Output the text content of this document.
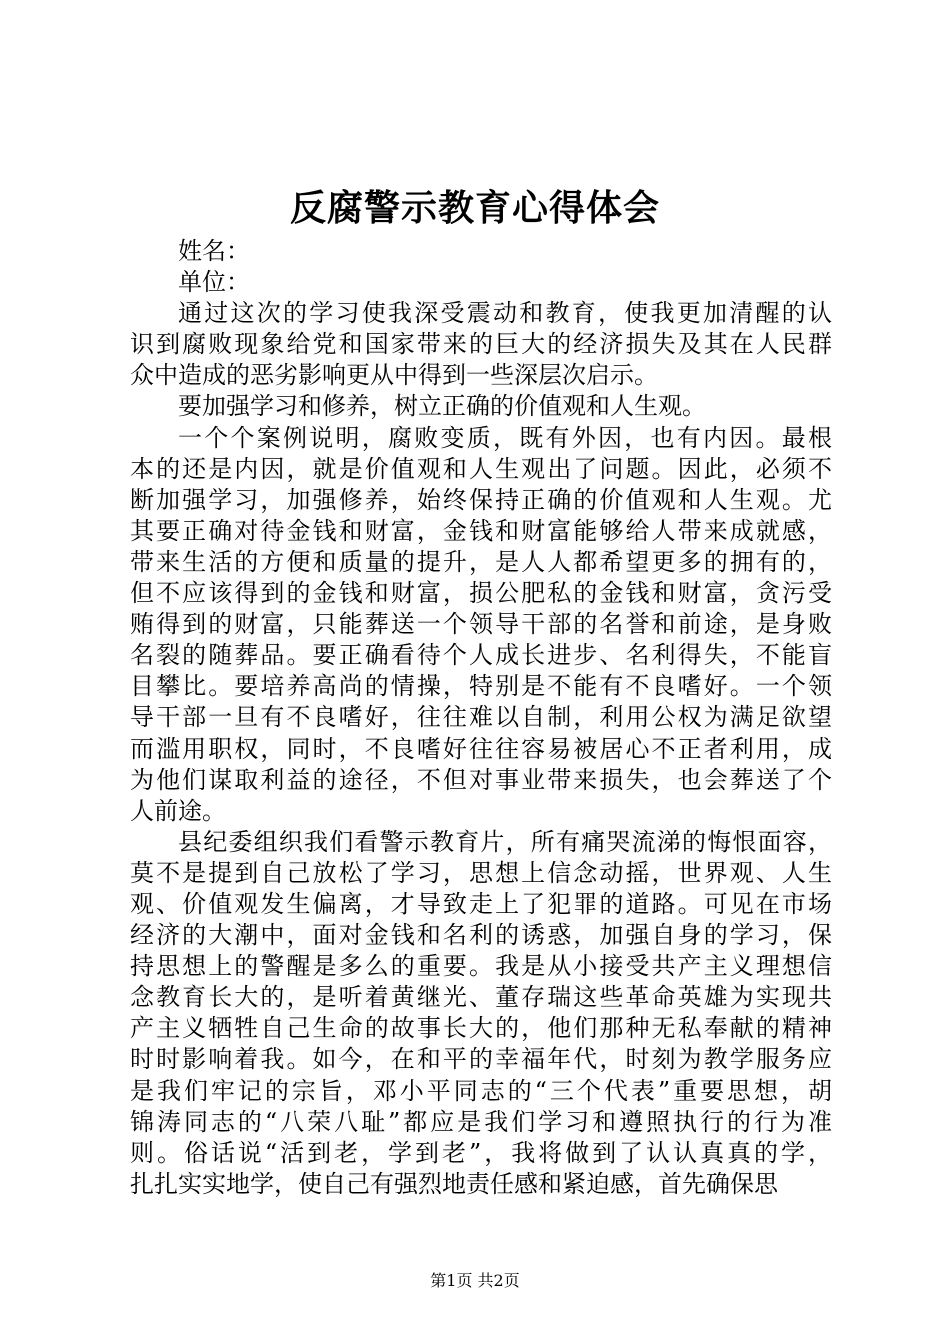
反腐警示教育心得体会
姓名：
单位：
通过这次的学习使我深受震动和教育，使我更加清醒的认
识到腐败现象给党和国家带来的巨大的经济损失及其在人民群
众中造成的恶劣影响更从中得到一些深层次启示。
要加强学习和修养，树立正确的价值观和人生观。
一个个案例说明，腐败变质，既有外因，也有内因。最根
本的还是内因，就是价值观和人生观出了问题。因此，必须不
断加强学习，加强修养，始终保持正确的价值观和人生观。尤
其要正确对待金钱和财富，金钱和财富能够给人带来成就感，
带来生活的方便和质量的提升，是人人都希望更多的拥有的，
但不应该得到的金钱和财富，损公肥私的金钱和财富，贪污受
贿得到的财富，只能葬送一个领导干部的名誉和前途，是身败
名裂的随葬品。要正确看待个人成长进步、名利得失，不能盲
目攀比。要培养高尚的情操，特别是不能有不良嗜好。一个领
导干部一旦有不良嗜好，往往难以自制，利用公权为满足欲望
而滥用职权，同时，不良嗜好往往容易被居心不正者利用，成
为他们谋取利益的途径，不但对事业带来损失，也会葬送了个
人前途。
县纪委组织我们看警示教育片，所有痛哭流涕的悔恨面容，
莫不是提到自己放松了学习，思想上信念动摇，世界观、人生
观、价值观发生偏离，才导致走上了犯罪的道路。可见在市场
经济的大潮中，面对金钱和名利的诱惑，加强自身的学习，保
持思想上的警醒是多么的重要。我是从小接受共产主义理想信
念教育长大的，是听着黄继光、董存瑞这些革命英雄为实现共
产主义牺牲自己生命的故事长大的，他们那种无私奉献的精神
时时影响着我。如今，在和平的幸福年代，时刻为教学服务应
是我们牢记的宗旨，邓小平同志的“三个代表”重要思想，胡
锦涛同志的“八荣八耻”都应是我们学习和遵照执行的行为准
则。俗话说“活到老，学到老”，我将做到了认认真真的学，
扎扎实实地学，使自己有强烈地责任感和紧迫感，首先确保思
第1页 共2页
